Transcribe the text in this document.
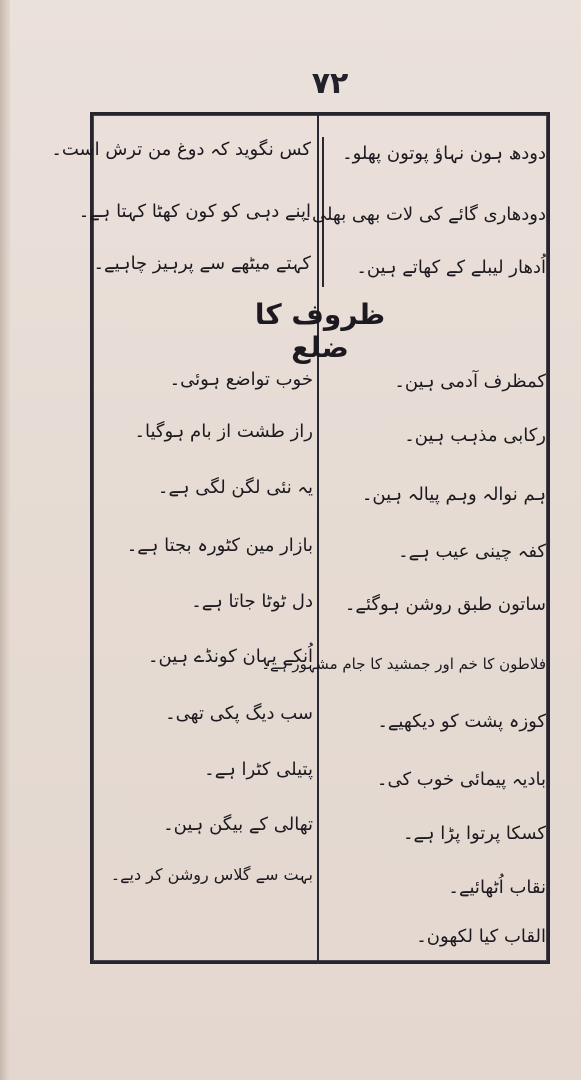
۷۲
دودھ ہون نہاؤ پوتون پھلو۔
دودھاری گائے کی لات بھی بھلی۔
اُدھار لیبلے کے کھاتے ہین۔
کس نگوید کہ دوغ من ترش است۔
اپنے دہی کو کون کھٹا کہتا ہے۔
کہتے میٹھے سے پرہیز چاہیے۔
ظروف کا ضلع
کمظرف آدمی ہین۔
رکابی مذہب ہین۔
ہم نوالہ وہم پیالہ ہین۔
کفہ چینی عیب ہے۔
ساتون طبق روشن ہوگئے۔
فلاطون کا خم اور جمشید کا جام مشہور ہے۔
کوزہ پشت کو دیکھیے۔
بادیہ پیمائی خوب کی۔
کسکا پرتوا پڑا ہے۔
نقاب اُٹھائیے۔
القاب کیا لکھون۔
خوب تواضع ہوئی۔
راز طشت از بام ہوگیا۔
یہ نئی لگن لگی ہے۔
بازار مین کٹورہ بجتا ہے۔
دل ٹوٹا جاتا ہے۔
اُنکے یہان کونڈے ہین۔
سب دیگ پکی تھی۔
پتیلی کٹرا ہے۔
تھالی کے بیگن ہین۔
بہت سے گلاس روشن کر دیے۔
